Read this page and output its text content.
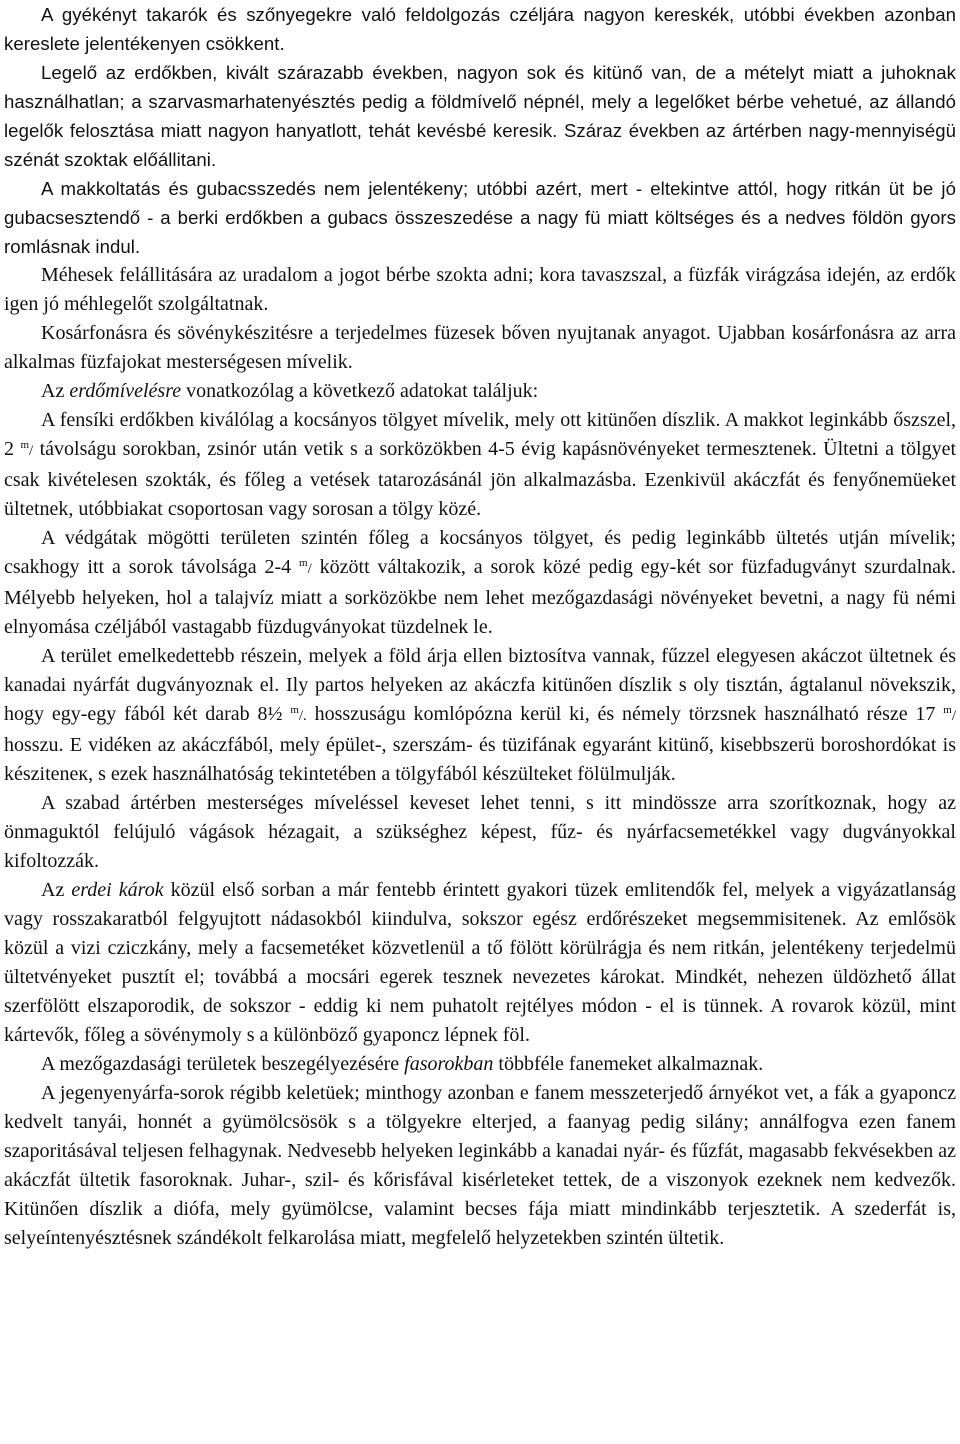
A gyékényt takarók és szőnyegekre való feldolgozás czéljára nagyon kereskék, utóbbi években azonban kereslete jelentékenyen csökkent.

Legelő az erdőkben, kivált szárazabb években, nagyon sok és kitünő van, de a mételyt miatt a juhoknak használhatlan; a szarvasmarhatenyésztés pedig a földmívelő népnél, mely a legelőket bérbe vehetué, az állandó legelők felosztása miatt nagyon hanyatlott, tehát kevésbé keresik. Száraz években az ártérben nagy-mennyiségü szénát szoktak előállitani.

A makkoltatás és gubacsszedés nem jelentékeny; utóbbi azért, mert - eltekintve attól, hogy ritkán üt be jó gubacsesztendő - a berki erdőkben a gubacs összeszedése a nagy fü miatt költséges és a nedves földön gyors romlásnak indul.

Méhesek felállitására az uradalom a jogot bérbe szokta adni; kora tavaszszal, a füzfák virágzása idején, az erdők igen jó méhlegelőt szolgáltatnak.

Kosárfonásra és sövénykészitésre a terjedelmes füzesek bőven nyujtanak anyagot. Ujabban kosárfonásra az arra alkalmas füzfajokat mesterségesen mívelik.

Az erdőmívelésre vonatkozólag a következő adatokat találjuk:

A fensíki erdőkben kiválólag a kocsányos tölgyet mívelik, mely ott kitünően díszlik. A makkot leginkább őszszel, 2 $^m$/ távolságu sorokban, zsinór után vetik s a sorközökben 4-5 évig kapásnövényeket termesztenek. Ültetni a tölgyet csak kivételesen szokták, és főleg a vetések tatarozásánál jön alkalmazásba. Ezenkivül akáczfát és fenyőnemüeket ültetnek, utóbbiakat csoportosan vagy sorosan a tölgy közé.

A védgátak mögötti területen szintén főleg a kocsányos tölgyet, és pedig leginkább ültetés utján mívelik; csakhogy itt a sorok távolsága 2-4 $^m$/ között váltakozik, a sorok közé pedig egy-két sor füzfadugványt szurdalnak. Mélyebb helyeken, hol a talajvíz miatt a sorközökbe nem lehet mezőgazdasági növényeket bevetni, a nagy fü némi elnyomása czéljából vastagabb füzdugványokat tüzdelnek le.

A terület emelkedettebb részein, melyek a föld árja ellen biztosítva vannak, fűzzel elegyesen akáczot ültetnek és kanadai nyárfát dugványoznak el. Ily partos helyeken az akáczfa kitünően díszlik s oly tisztán, ágtalanul növekszik, hogy egy-egy fából két darab 8½ $^m$/. hosszuságu komlópózna kerül ki, és némely törzsnek használható része 17 $^m$/ hosszu. E vidéken az akáczfából, mely épület-, szerszám- és tüzifának egyaránt kitünő, kisebbszerü boroshordókat is késziteneк, s ezek használhatóság tekintetében a tölgyfából készülteket fölülmulják.

A szabad ártérben mesterséges míveléssel keveset lehet tenni, s itt mindössze arra szorítkoznak, hogy az önmaguktól felújuló vágások hézagait, a szükséghez képest, fűz- és nyárfacsemetékkel vagy dugványokkal kifoltozzák.

Az erdei károk közül első sorban a már fentebb érintett gyakori tüzek emlitendők fel, melyek a vigyázatlanság vagy rosszakaratból felgyujtott nádasokból kiindulva, sokszor egész erdőrészeket megsemmisitenek. Az emlősök közül a vizi cziczkány, mely a facsemetéket közvetlenül a tő fölött körülrágja és nem ritkán, jelentékeny terjedelmü ültetvényeket pusztít el; továbbá a mocsári egerek tesznek nevezetes károkat. Mindkét, nehezen üldözhető állat szerfölött elszaporodik, de sokszor - eddig ki nem puhatolt rejtélyes módon - el is tünnek. A rovarok közül, mint kártevők, főleg a sövénymoly s a különböző gyaponcz lépnek föl.

A mezőgazdasági területek beszegélyezésére fasorokban többféle fanemeket alkalmaznak.

A jegenyenyárfa-sorok régibb keletüek; minthogy azonban e fanem messzeterjedő árnyékot vet, a fák a gyaponcz kedvelt tanyái, honnét a gyümölcsösök s a tölgyekre elterjed, a faanyag pedig silány; annálfogva ezen fanem szaporitásával teljesen felhagynak. Nedvesebb helyeken leginkább a kanadai nyár- és fűzfát, magasabb fekvésekben az akáczfát ültetik fasoroknak. Juhar-, szil- és kőrisfával kisérleteket tettek, de a viszonyok ezeknek nem kedvezők. Kitünően díszlik a diófa, mely gyümölcse, valamint becses fája miatt mindinkább terjesztetik. A szederfát is, selyeíntenyésztésnek szándékolt felkarolása miatt, megfelelő helyzetekben szintén ültetik.
